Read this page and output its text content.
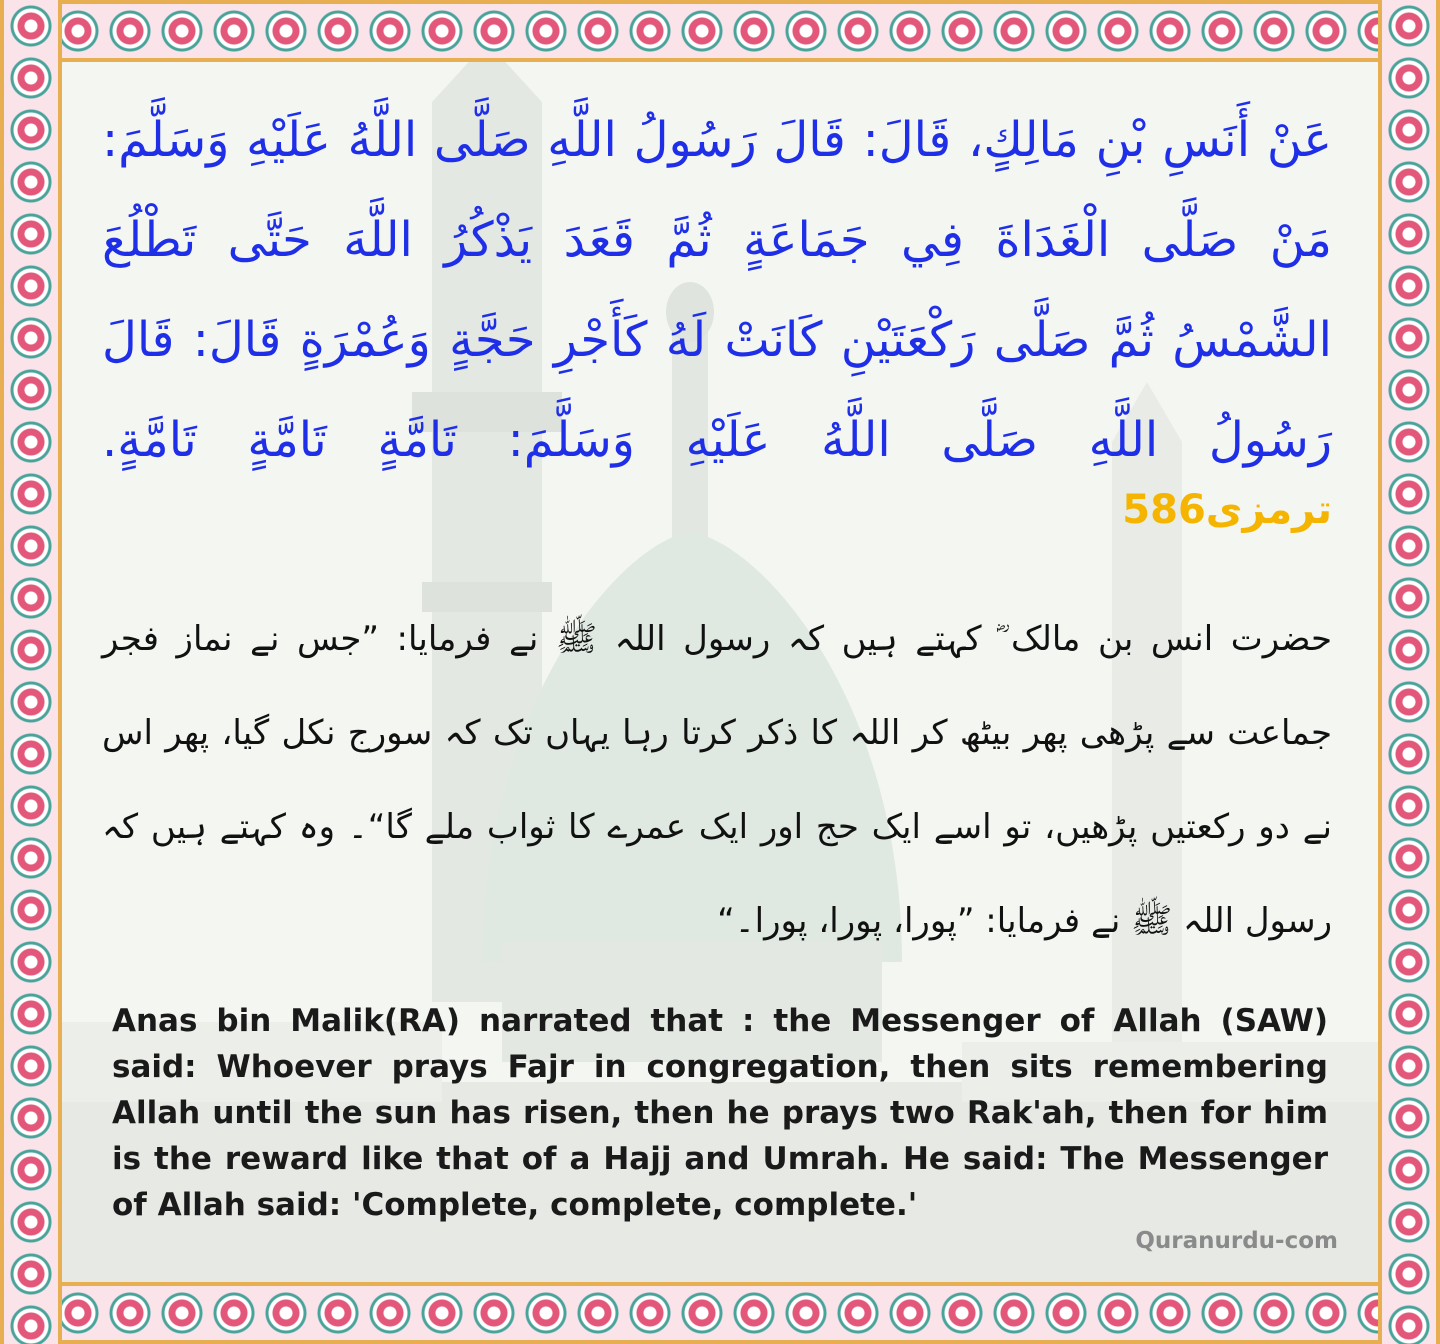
عَنْ أَنَسِ بْنِ مَالِكٍ، قَالَ: قَالَ رَسُولُ اللَّهِ صَلَّى اللَّهُ عَلَيْهِ وَسَلَّمَ: مَنْ صَلَّى الْغَدَاةَ فِي جَمَاعَةٍ ثُمَّ قَعَدَ يَذْكُرُ اللَّهَ حَتَّى تَطْلُعَ الشَّمْسُ ثُمَّ صَلَّى رَكْعَتَيْنِ كَانَتْ لَهُ كَأَجْرِ حَجَّةٍ وَعُمْرَةٍ قَالَ: قَالَ رَسُولُ اللَّهِ صَلَّى اللَّهُ عَلَيْهِ وَسَلَّمَ: تَامَّةٍ تَامَّةٍ تَامَّةٍ.

ترمزی586

حضرت انس بن مالک ؓ کہتے ہیں کہ رسول اللہ ﷺ نے فرمایا: ”جس نے نماز فجر جماعت سے پڑھی پھر بیٹھ کر اللہ کا ذکر کرتا رہا یہاں تک کہ سورج نکل گیا، پھر اس نے دو رکعتیں پڑھیں، تو اسے ایک حج اور ایک عمرے کا ثواب ملے گا“۔ وہ کہتے ہیں کہ رسول اللہ ﷺ نے فرمایا: ”پورا، پورا، پورا۔“

Anas bin Malik(RA) narrated that : the Messenger of Allah (SAW) said: Whoever prays Fajr in congregation, then sits remembering Allah until the sun has risen, then he prays two Rak'ah, then for him is the reward like that of a Hajj and Umrah. He said: The Messenger of Allah said: 'Complete, complete, complete.'

Quranurdu-com
